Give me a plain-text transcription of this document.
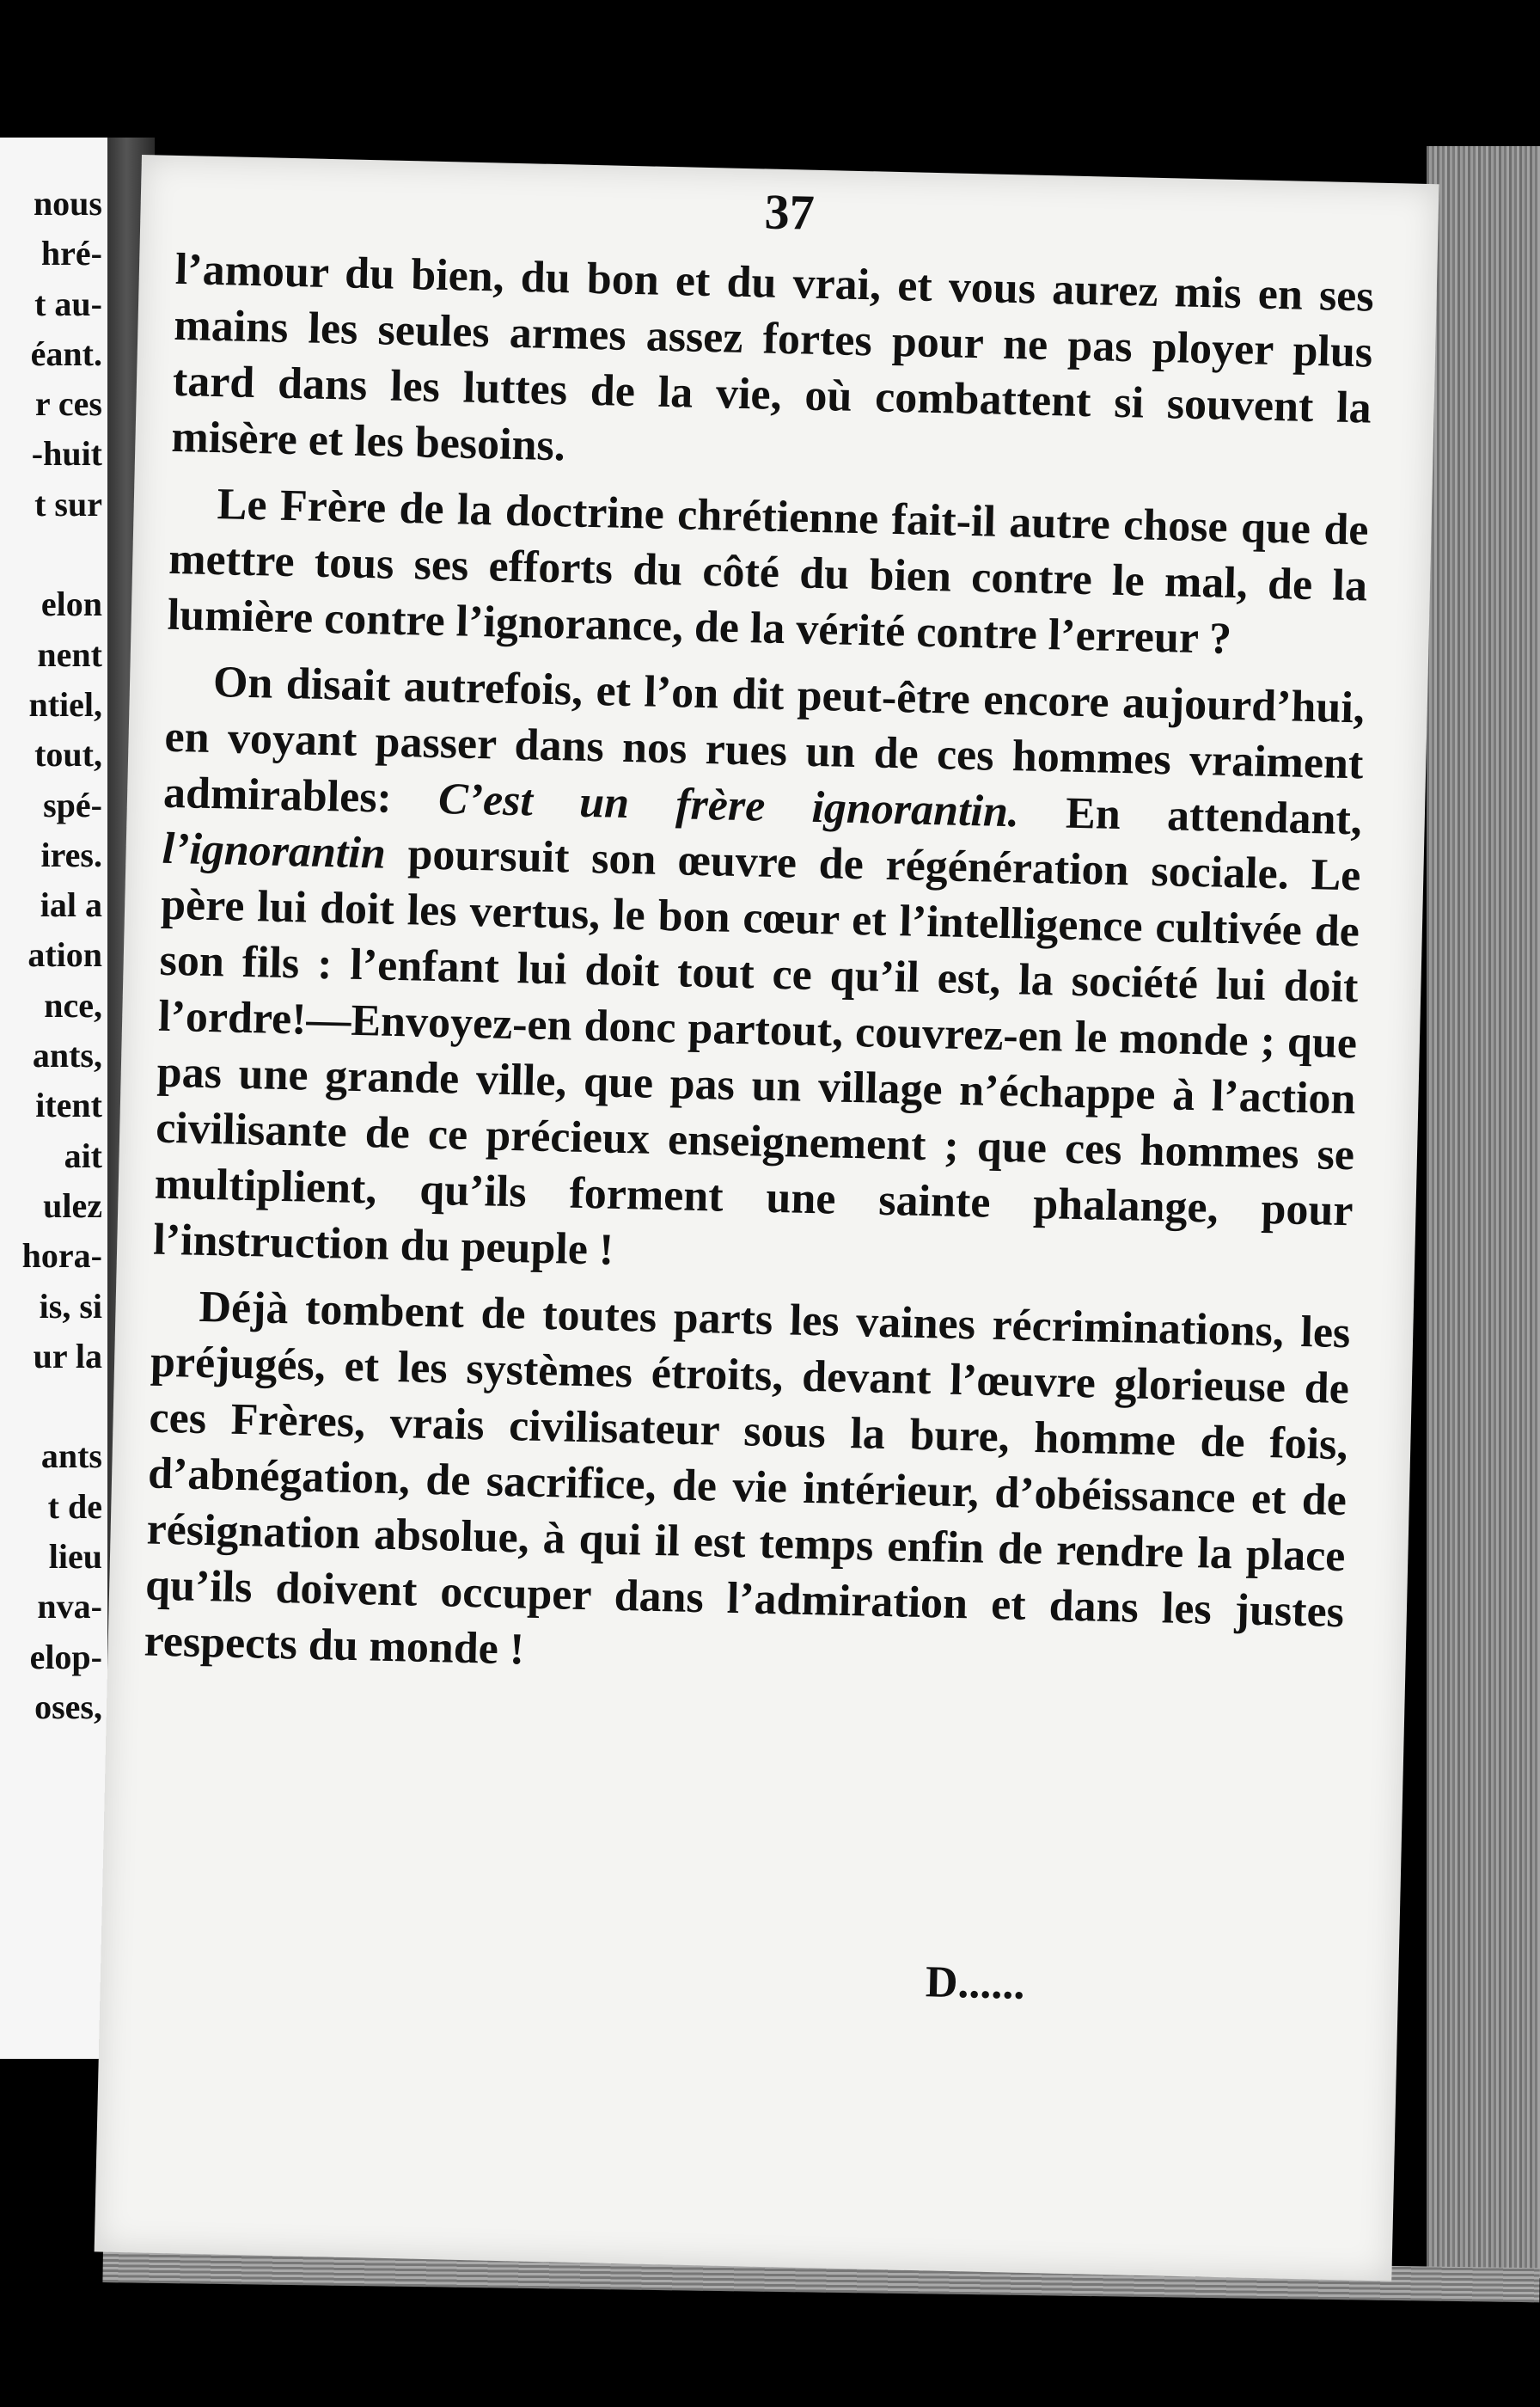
nous
hré-
t au-
éant.
r ces
-huit
t sur

elon
nent
ntiel,
tout,
spé-
ires.
ial a
ation
nce,
ants,
itent
ait
ulez
hora-
is, si
ur la

ants
t de
lieu
nva-
elop-
oses,
37

l’amour du bien, du bon et du vrai, et vous aurez mis en ses mains les seules armes assez fortes pour ne pas ployer plus tard dans les luttes de la vie, où combattent si souvent la misère et les besoins.

Le Frère de la doctrine chrétienne fait-il autre chose que de mettre tous ses efforts du côté du bien contre le mal, de la lumière contre l’ignorance, de la vérité contre l’erreur ?

On disait autrefois, et l’on dit peut-être encore aujourd’hui, en voyant passer dans nos rues un de ces hommes vraiment admirables: C’est un frère ignorantin. En attendant, l’ignorantin poursuit son œuvre de régénération sociale. Le père lui doit les vertus, le bon cœur et l’intelligence cultivée de son fils : l’enfant lui doit tout ce qu’il est, la société lui doit l’ordre!—Envoyez-en donc partout, couvrez-en le monde ; que pas une grande ville, que pas un village n’échappe à l’action civilisante de ce précieux enseignement ; que ces hommes se multiplient, qu’ils forment une sainte phalange, pour l’instruction du peuple !

Déjà tombent de toutes parts les vaines récriminations, les préjugés, et les systèmes étroits, devant l’œuvre glorieuse de ces Frères, vrais civilisateur sous la bure, homme de fois, d’abnégation, de sacrifice, de vie intérieur, d’obéissance et de résignation absolue, à qui il est temps enfin de rendre la place qu’ils doivent occuper dans l’admiration et dans les justes respects du monde !

D......
